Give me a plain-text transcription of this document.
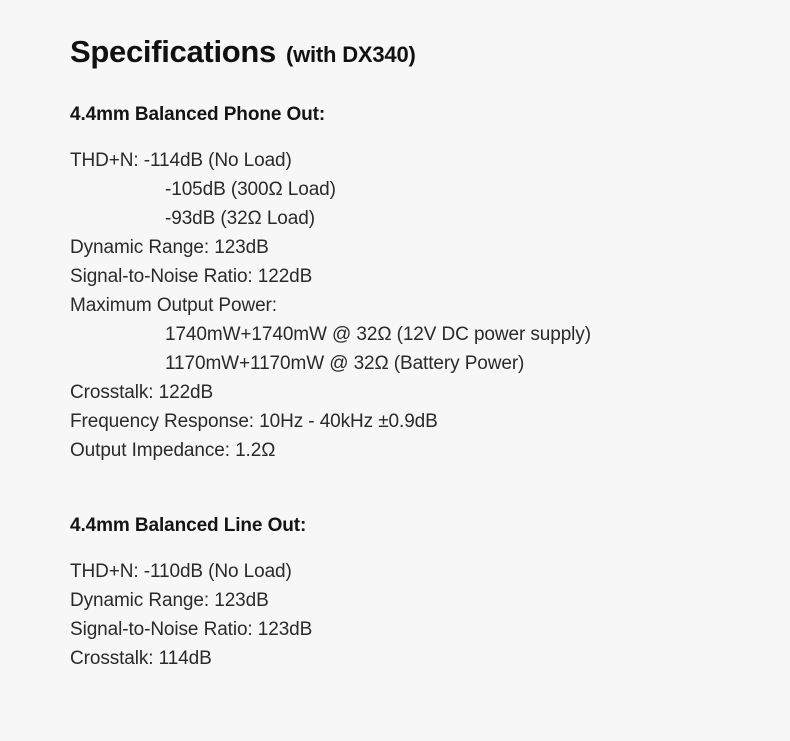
Specifications (with DX340)
4.4mm Balanced Phone Out:
THD+N: -114dB (No Load)
-105dB (300Ω Load)
-93dB (32Ω Load)
Dynamic Range: 123dB
Signal-to-Noise Ratio: 122dB
Maximum Output Power:
1740mW+1740mW @ 32Ω (12V DC power supply)
1170mW+1170mW @ 32Ω (Battery Power)
Crosstalk: 122dB
Frequency Response: 10Hz - 40kHz ±0.9dB
Output Impedance: 1.2Ω
4.4mm Balanced Line Out:
THD+N: -110dB (No Load)
Dynamic Range: 123dB
Signal-to-Noise Ratio: 123dB
Crosstalk: 114dB
